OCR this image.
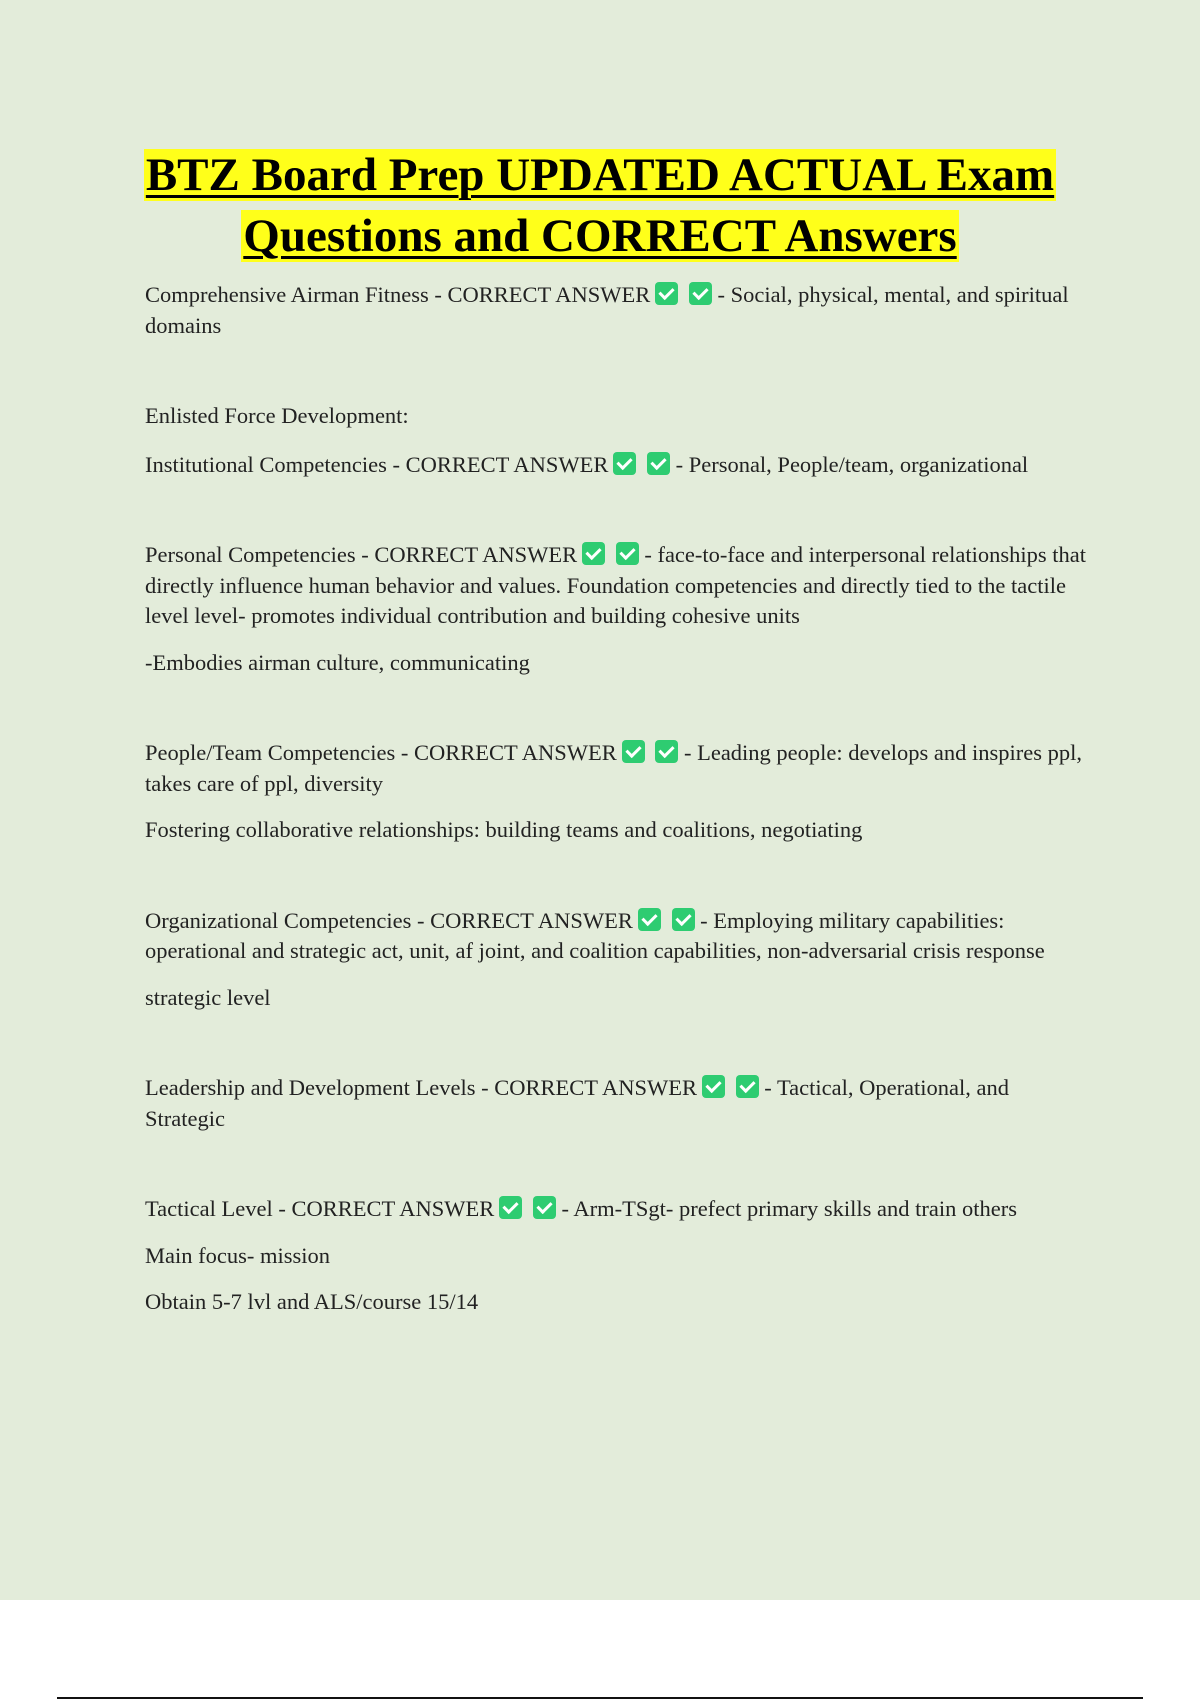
BTZ Board Prep UPDATED ACTUAL Exam
Questions and CORRECT Answers

Comprehensive Airman Fitness - CORRECT ANSWER	- Social, physical, mental, and spiritual domains

Enlisted Force Development:

Institutional Competencies - CORRECT ANSWER	- Personal, People/team, organizational

Personal Competencies - CORRECT ANSWER	- face-to-face and interpersonal relationships that directly influence human behavior and values. Foundation competencies and directly tied to the tactile level level- promotes individual contribution and building cohesive units

-Embodies airman culture, communicating

People/Team Competencies - CORRECT ANSWER	- Leading people: develops and inspires ppl, takes care of ppl, diversity

Fostering collaborative relationships: building teams and coalitions, negotiating

Organizational Competencies - CORRECT ANSWER	- Employing military capabilities: operational and strategic act, unit, af joint, and coalition capabilities, non-adversarial crisis response

strategic level

Leadership and Development Levels - CORRECT ANSWER	- Tactical, Operational, and Strategic

Tactical Level - CORRECT ANSWER	- Arm-TSgt- prefect primary skills and train others

Main focus- mission

Obtain 5-7 lvl and ALS/course 15/14
